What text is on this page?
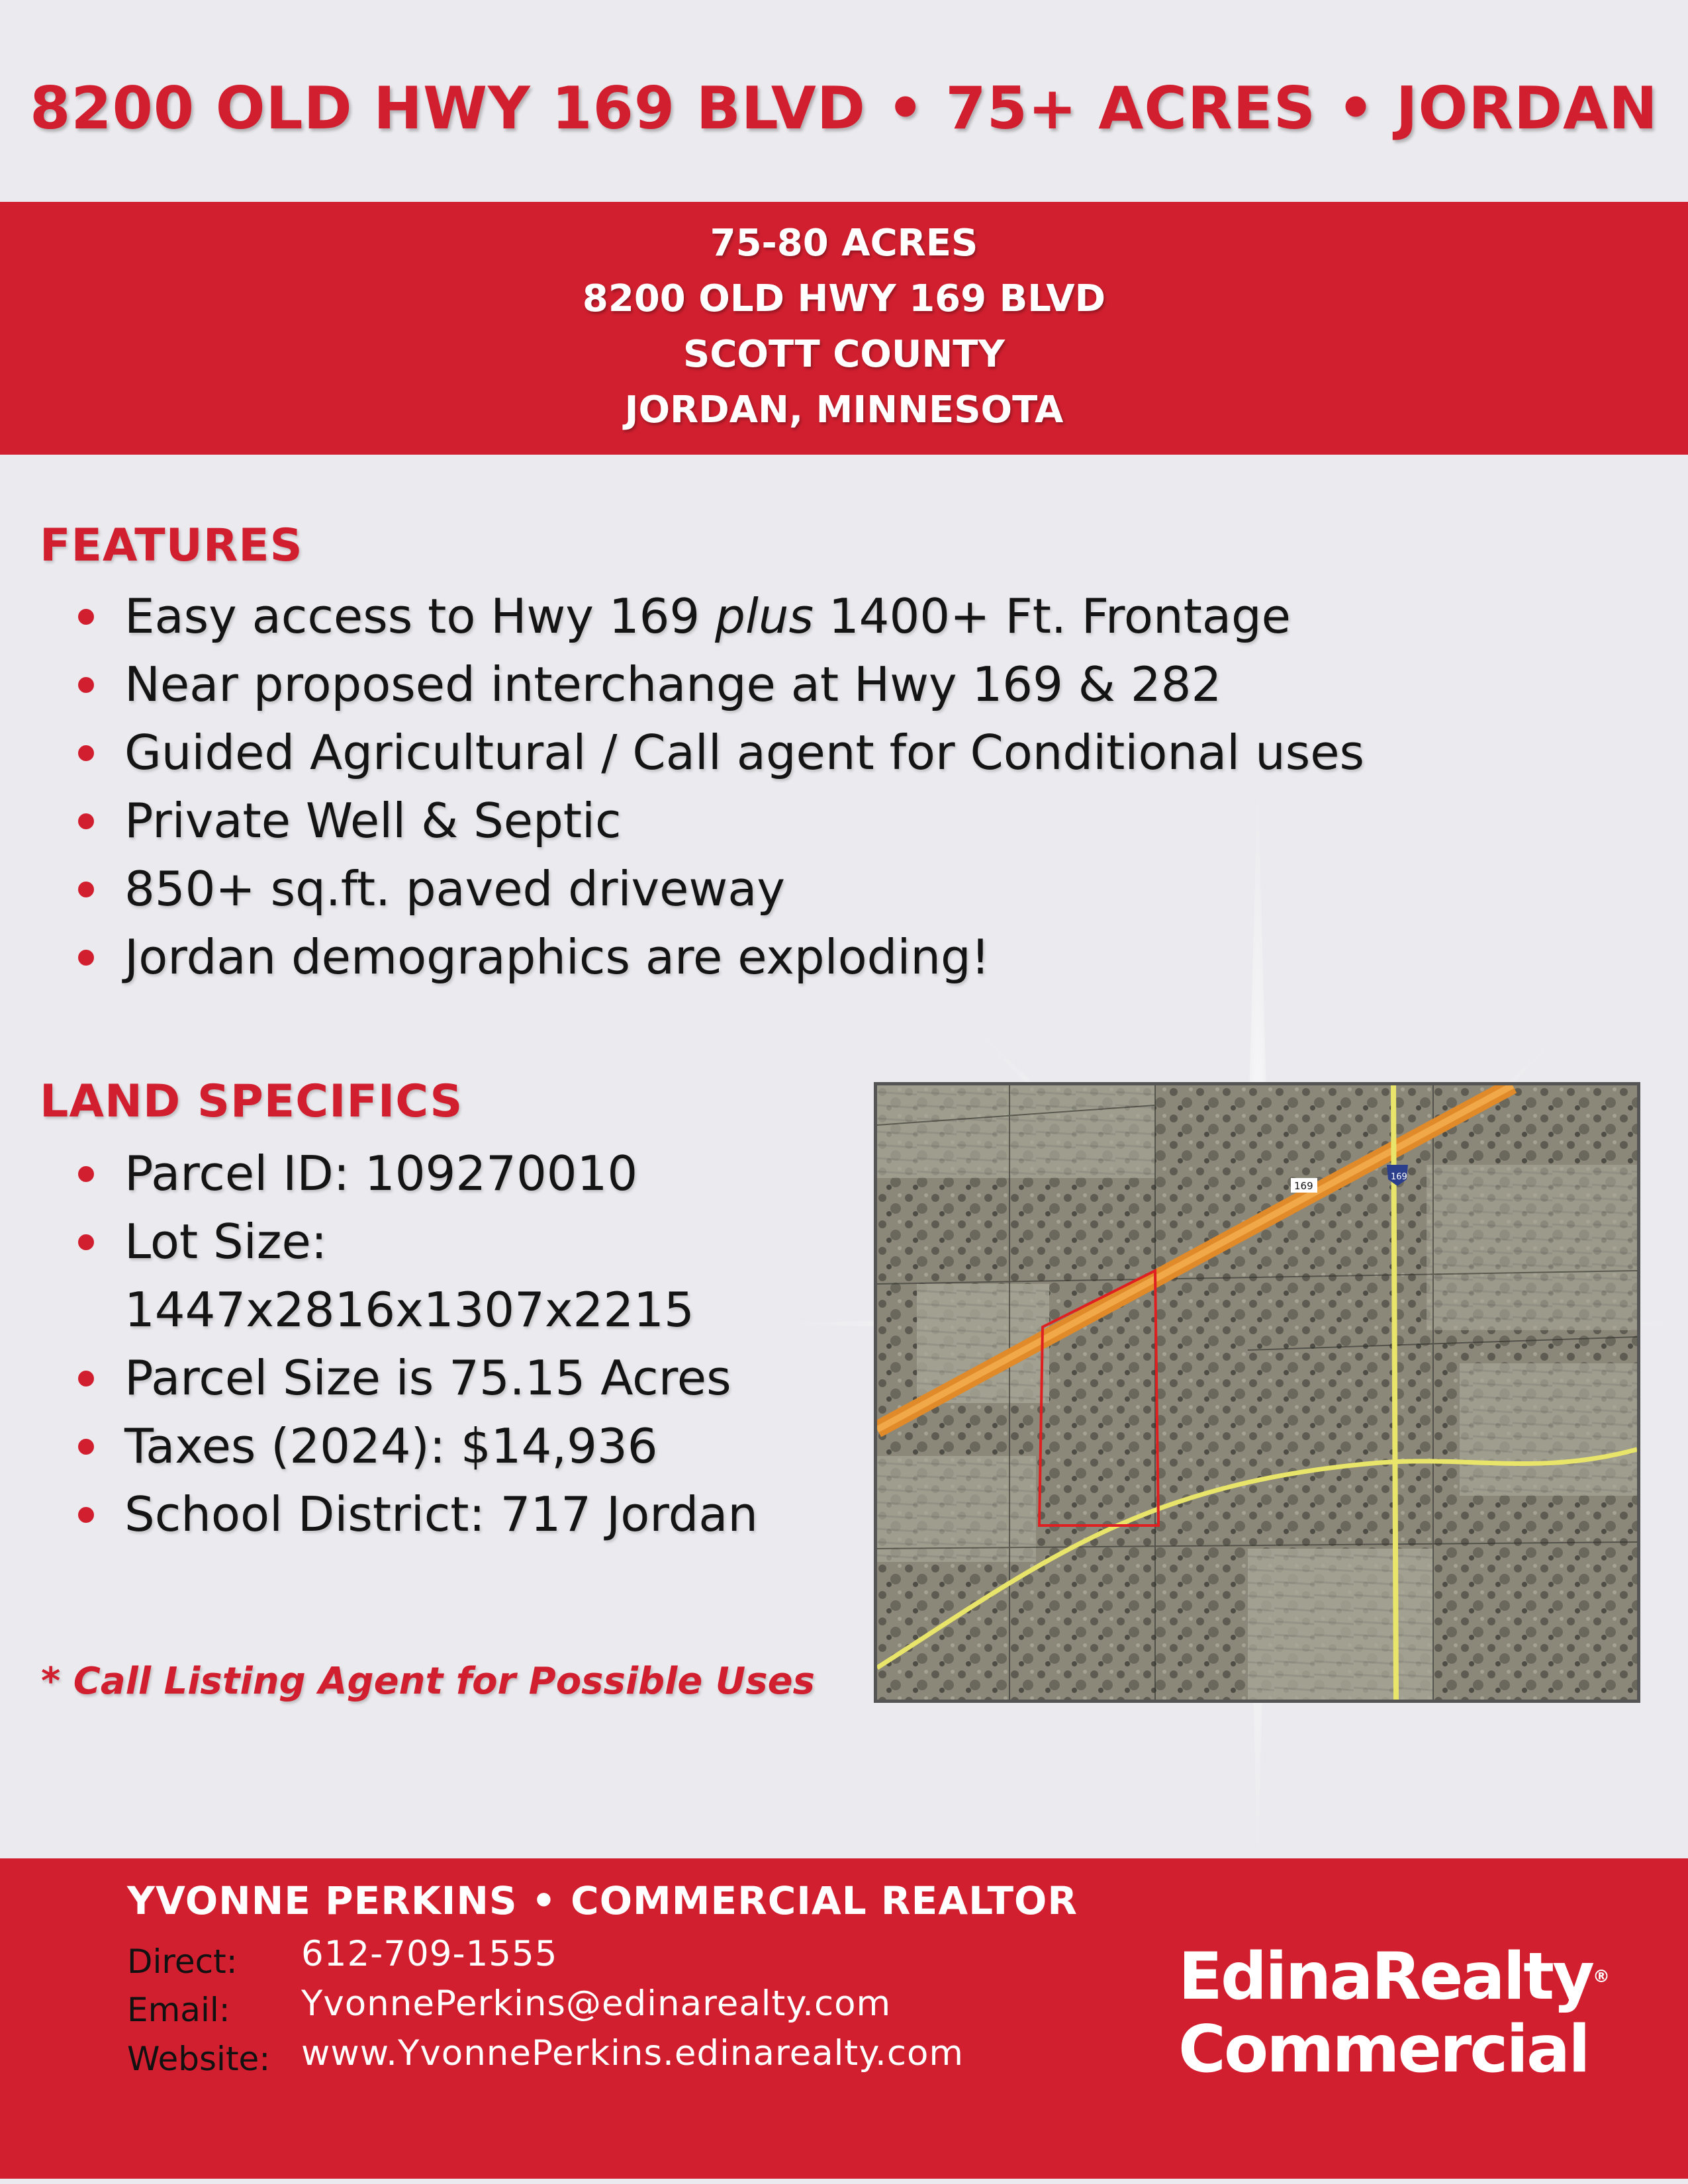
8200 OLD HWY 169 BLVD • 75+ ACRES • JORDAN
75-80 ACRES
8200 OLD HWY 169 BLVD
SCOTT COUNTY
JORDAN, MINNESOTA
FEATURES
Easy access to Hwy 169 plus 1400+ Ft. Frontage
Near proposed interchange at Hwy 169 & 282
Guided Agricultural / Call agent for Conditional uses
Private Well & Septic
850+ sq.ft. paved driveway
Jordan demographics are exploding!
LAND SPECIFICS
Parcel ID: 109270010
Lot Size:
1447x2816x1307x2215
Parcel Size is 75.15 Acres
Taxes (2024): $14,936
School District: 717 Jordan
169
169
* Call Listing Agent for Possible Uses
YVONNE PERKINS • COMMERCIAL REALTOR
Direct: 612-709-1555
Email: YvonnePerkins@edinarealty.com
Website: www.YvonnePerkins.edinarealty.com
EdinaRealty®
Commercial
